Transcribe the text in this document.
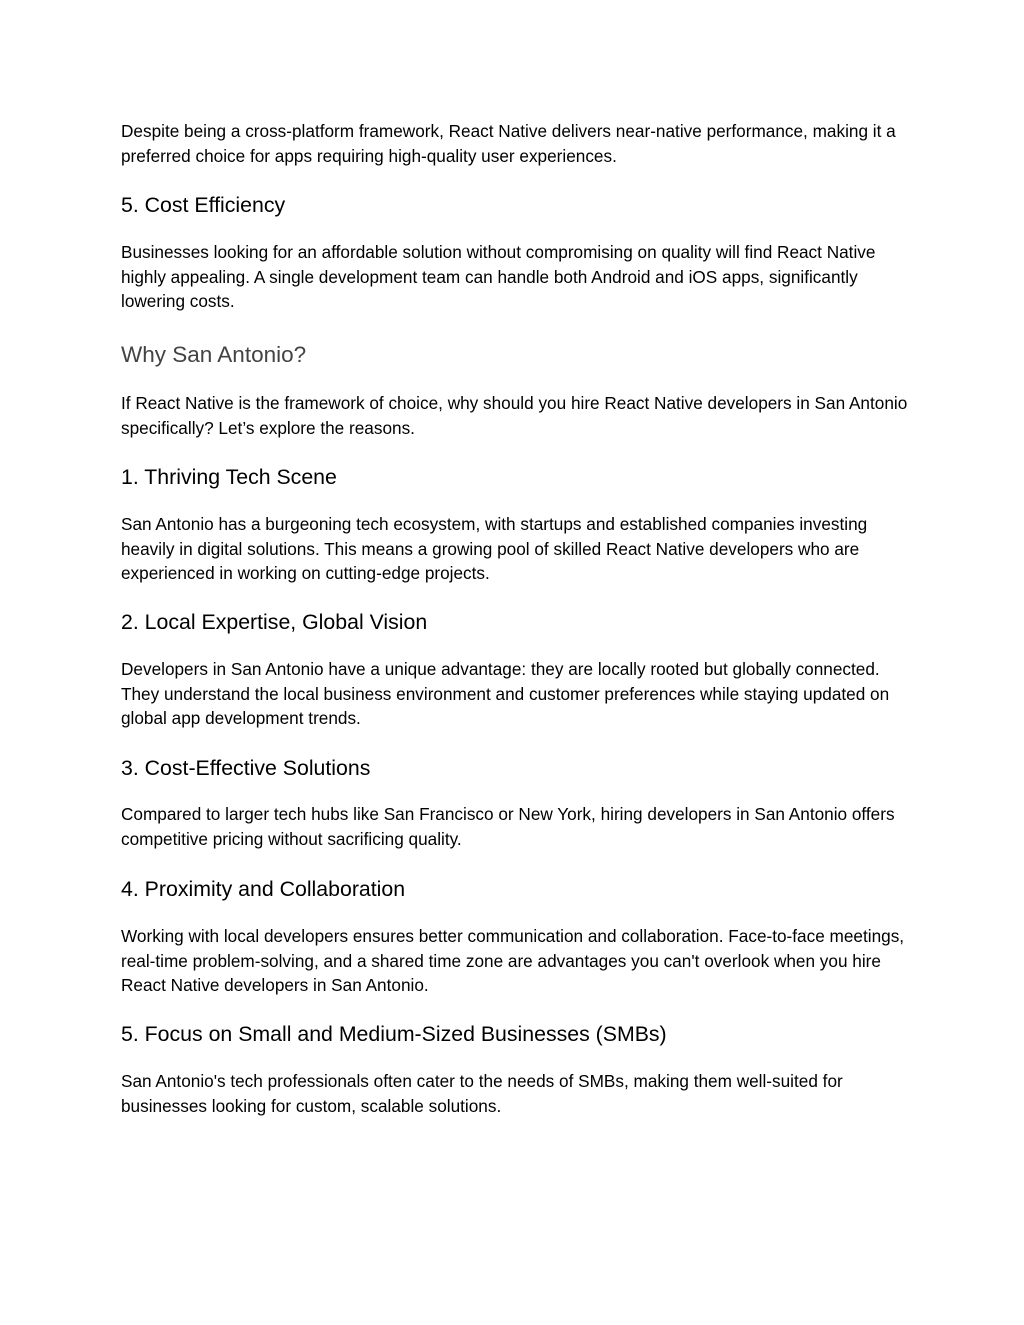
Despite being a cross-platform framework, React Native delivers near-native performance, making it a preferred choice for apps requiring high-quality user experiences.

5. Cost Efficiency

Businesses looking for an affordable solution without compromising on quality will find React Native highly appealing. A single development team can handle both Android and iOS apps, significantly lowering costs.

Why San Antonio?

If React Native is the framework of choice, why should you hire React Native developers in San Antonio specifically? Let’s explore the reasons.

1. Thriving Tech Scene

San Antonio has a burgeoning tech ecosystem, with startups and established companies investing heavily in digital solutions. This means a growing pool of skilled React Native developers who are experienced in working on cutting-edge projects.

2. Local Expertise, Global Vision

Developers in San Antonio have a unique advantage: they are locally rooted but globally connected. They understand the local business environment and customer preferences while staying updated on global app development trends.

3. Cost-Effective Solutions

Compared to larger tech hubs like San Francisco or New York, hiring developers in San Antonio offers competitive pricing without sacrificing quality.

4. Proximity and Collaboration

Working with local developers ensures better communication and collaboration. Face-to-face meetings, real-time problem-solving, and a shared time zone are advantages you can't overlook when you hire React Native developers in San Antonio.

5. Focus on Small and Medium-Sized Businesses (SMBs)

San Antonio's tech professionals often cater to the needs of SMBs, making them well-suited for businesses looking for custom, scalable solutions.
